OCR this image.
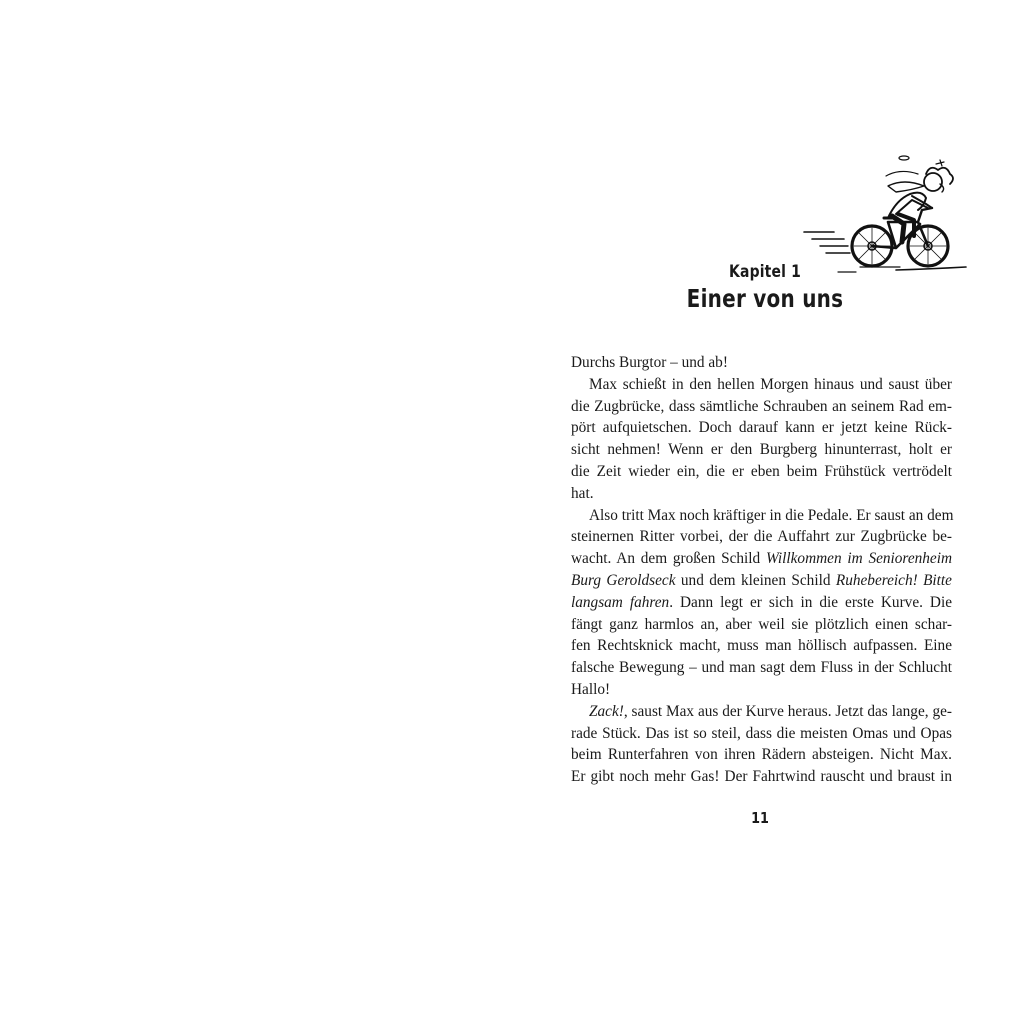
Kapitel 1
Einer von uns
Durchs Burgtor – und ab!
Max schießt in den hellen Morgen hinaus und saust über
die Zugbrücke, dass sämtliche Schrauben an seinem Rad em-
pört aufquietschen. Doch darauf kann er jetzt keine Rück-
sicht nehmen! Wenn er den Burgberg hinunterrast, holt er
die Zeit wieder ein, die er eben beim Frühstück vertrödelt
hat.
Also tritt Max noch kräftiger in die Pedale. Er saust an dem
steinernen Ritter vorbei, der die Auffahrt zur Zugbrücke be-
wacht. An dem großen Schild Willkommen im Seniorenheim
Burg Geroldseck und dem kleinen Schild Ruhebereich! Bitte
langsam fahren. Dann legt er sich in die erste Kurve. Die
fängt ganz harmlos an, aber weil sie plötzlich einen schar-
fen Rechtsknick macht, muss man höllisch aufpassen. Eine
falsche Bewegung – und man sagt dem Fluss in der Schlucht
Hallo!
Zack!, saust Max aus der Kurve heraus. Jetzt das lange, ge-
rade Stück. Das ist so steil, dass die meisten Omas und Opas
beim Runterfahren von ihren Rädern absteigen. Nicht Max.
Er gibt noch mehr Gas! Der Fahrtwind rauscht und braust in
11
